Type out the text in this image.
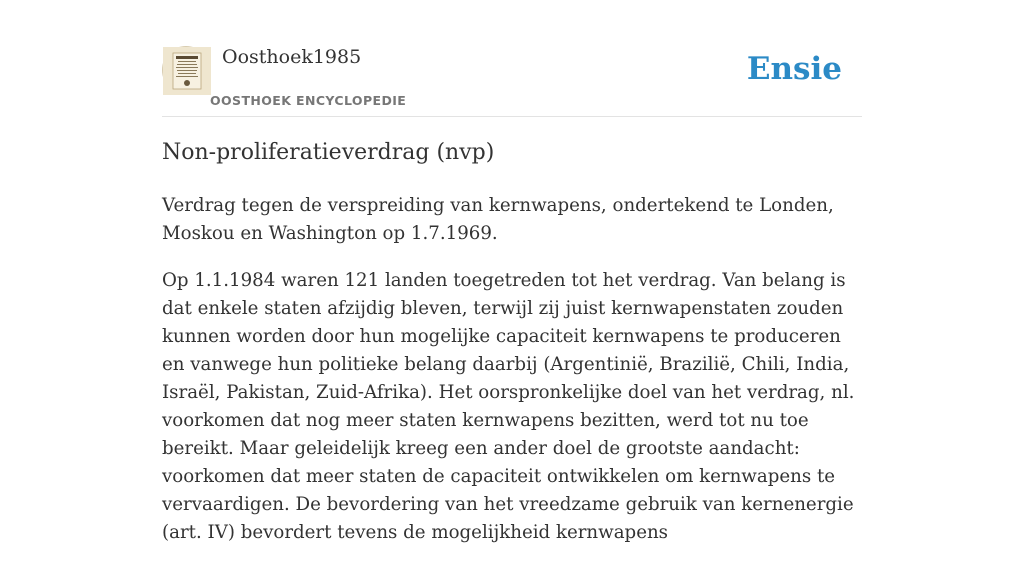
Oosthoek1985
OOSTHOEK ENCYCLOPEDIE
Ensie
Non-proliferatieverdrag (nvp)

Verdrag tegen de verspreiding van kernwapens, ondertekend te Londen, Moskou en Washington op 1.7.1969.

Op 1.1.1984 waren 121 landen toegetreden tot het verdrag. Van belang is dat enkele staten afzijdig bleven, terwijl zij juist kernwapenstaten zouden kunnen worden door hun mogelijke capaciteit kernwapens te produceren en vanwege hun politieke belang daarbij (Argentinië, Brazilië, Chili, India, Israël, Pakistan, Zuid-Afrika). Het oorspronkelijke doel van het verdrag, nl. voorkomen dat nog meer staten kernwapens bezitten, werd tot nu toe bereikt. Maar geleidelijk kreeg een ander doel de grootste aandacht: voorkomen dat meer staten de capaciteit ontwikkelen om kernwapens te vervaardigen. De bevordering van het vreedzame gebruik van kernenergie (art. IV) bevordert tevens de mogelijkheid kernwapens
